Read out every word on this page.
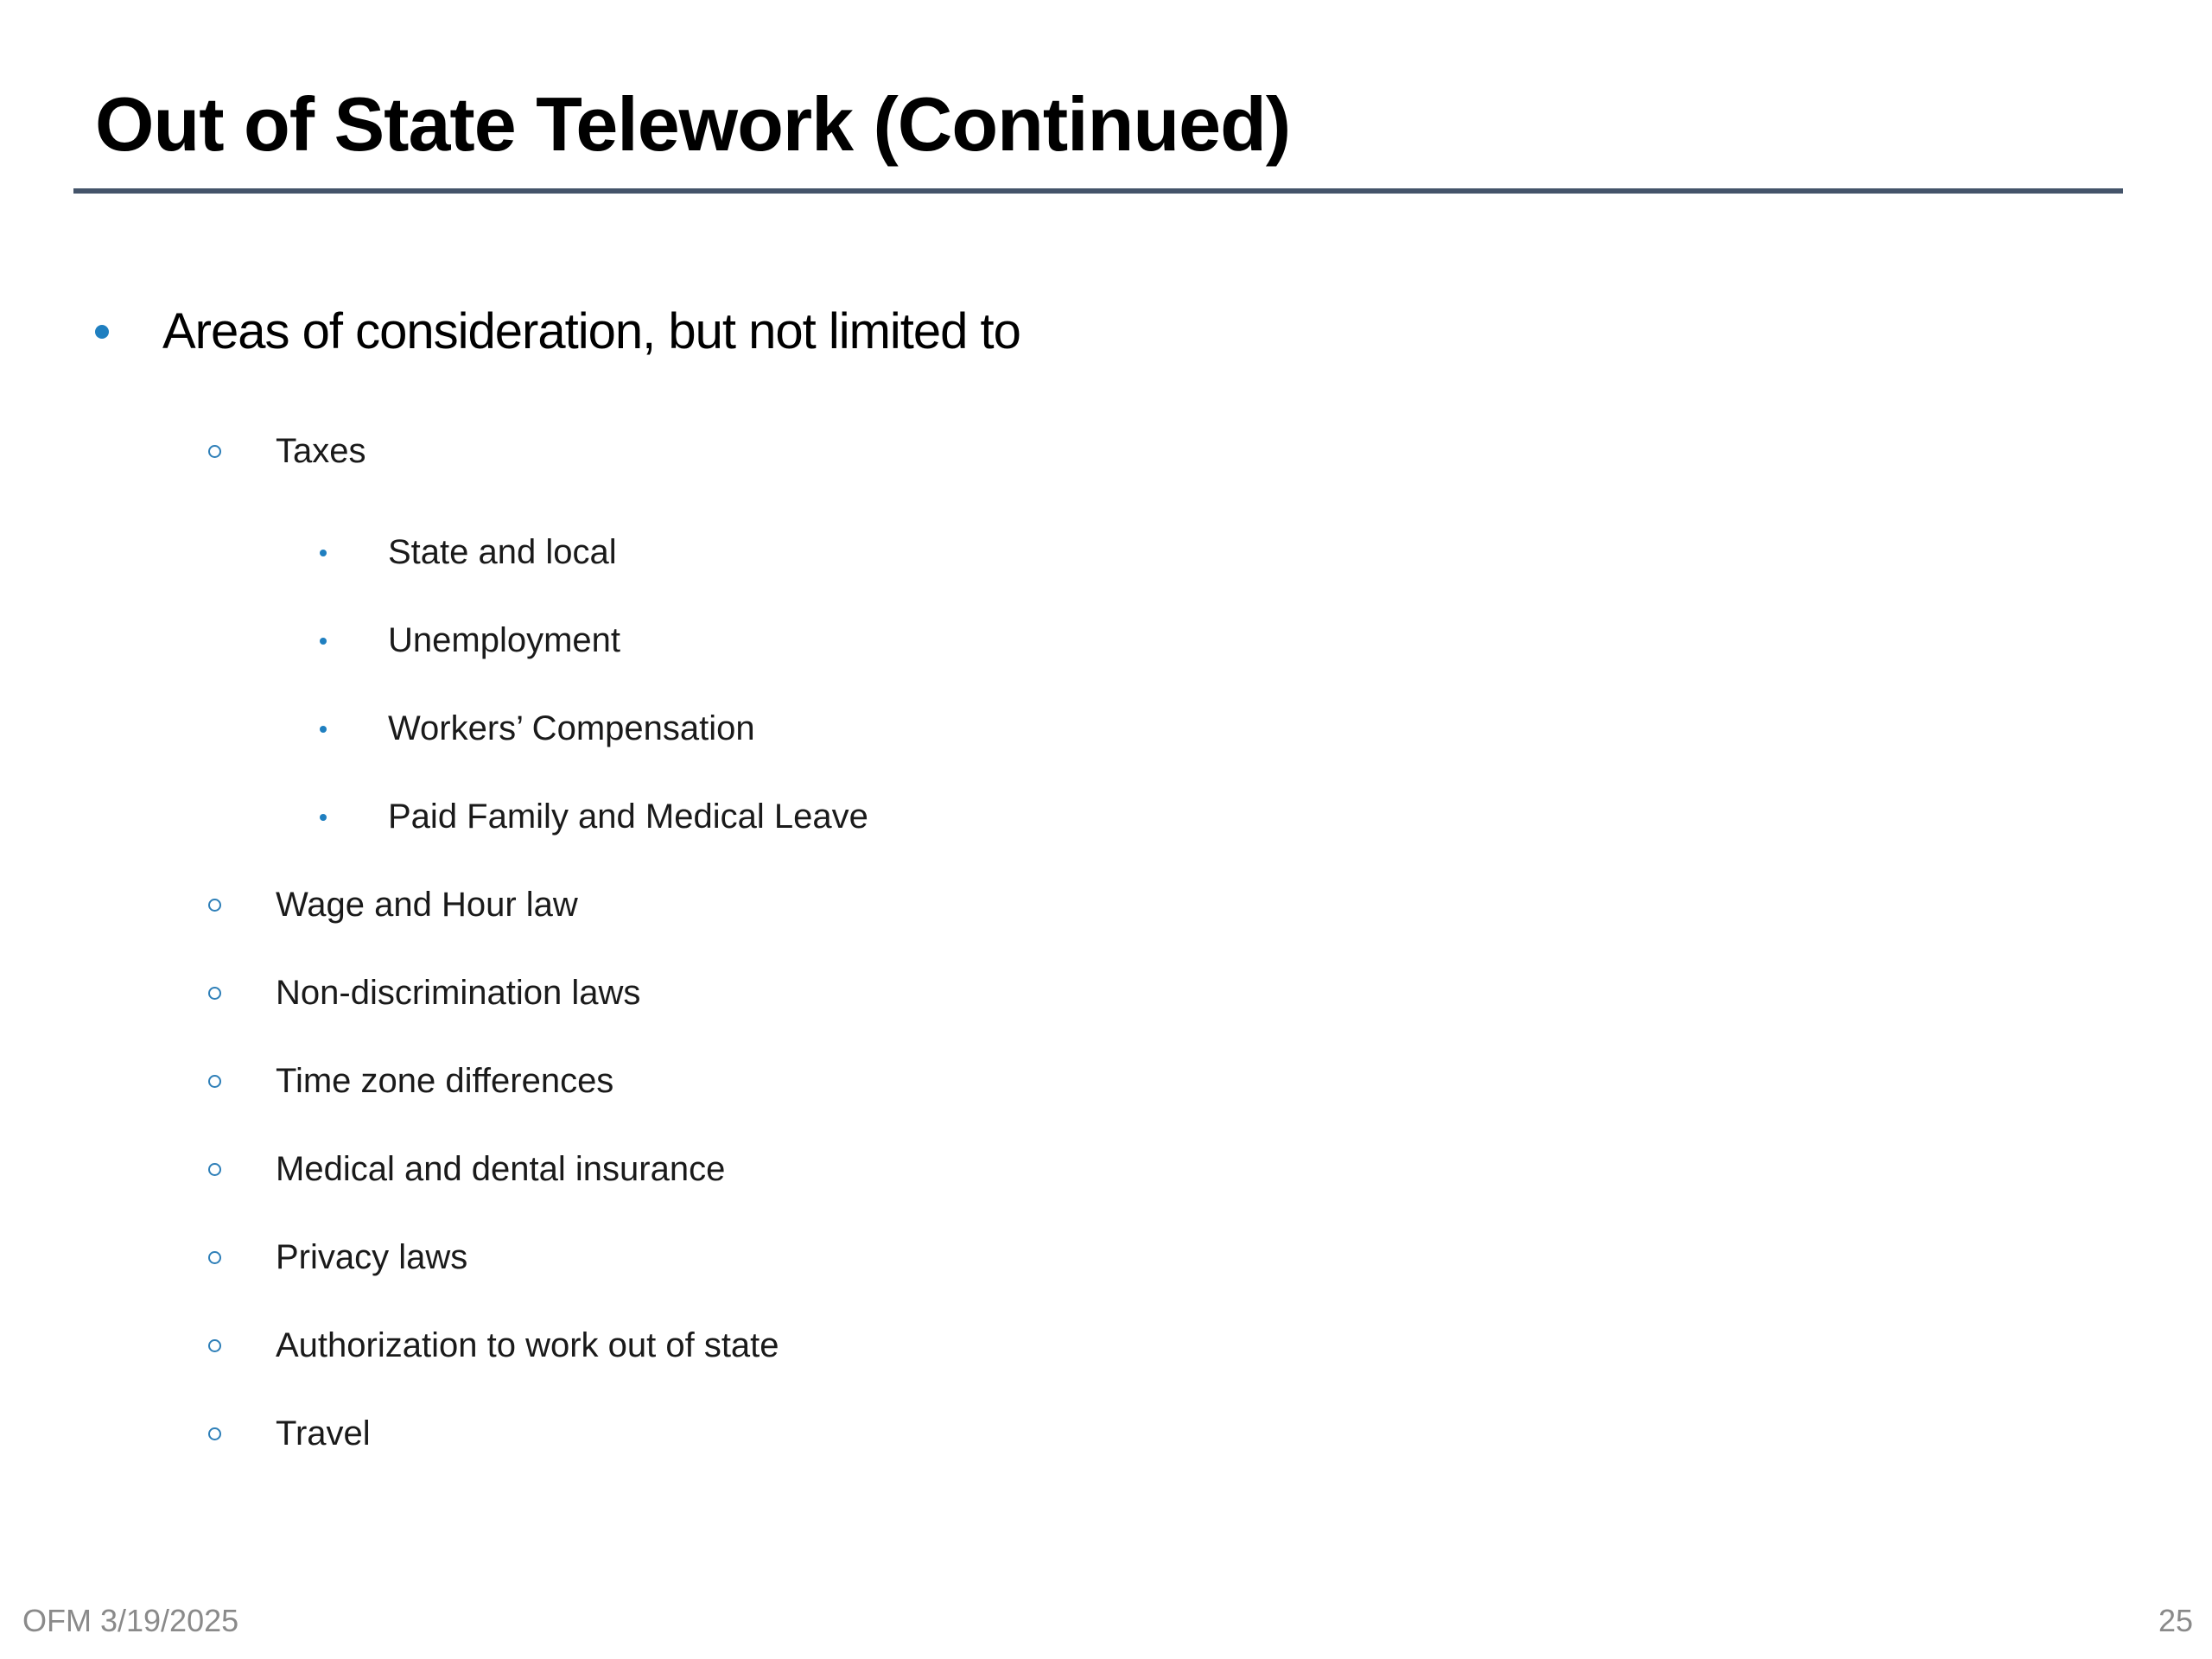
Out of State Telework (Continued)
Areas of consideration, but not limited to
Taxes
State and local
Unemployment
Workers’ Compensation
Paid Family and Medical Leave
Wage and Hour law
Non-discrimination laws
Time zone differences
Medical and dental insurance
Privacy laws
Authorization to work out of state
Travel
OFM 3/19/2025	25
